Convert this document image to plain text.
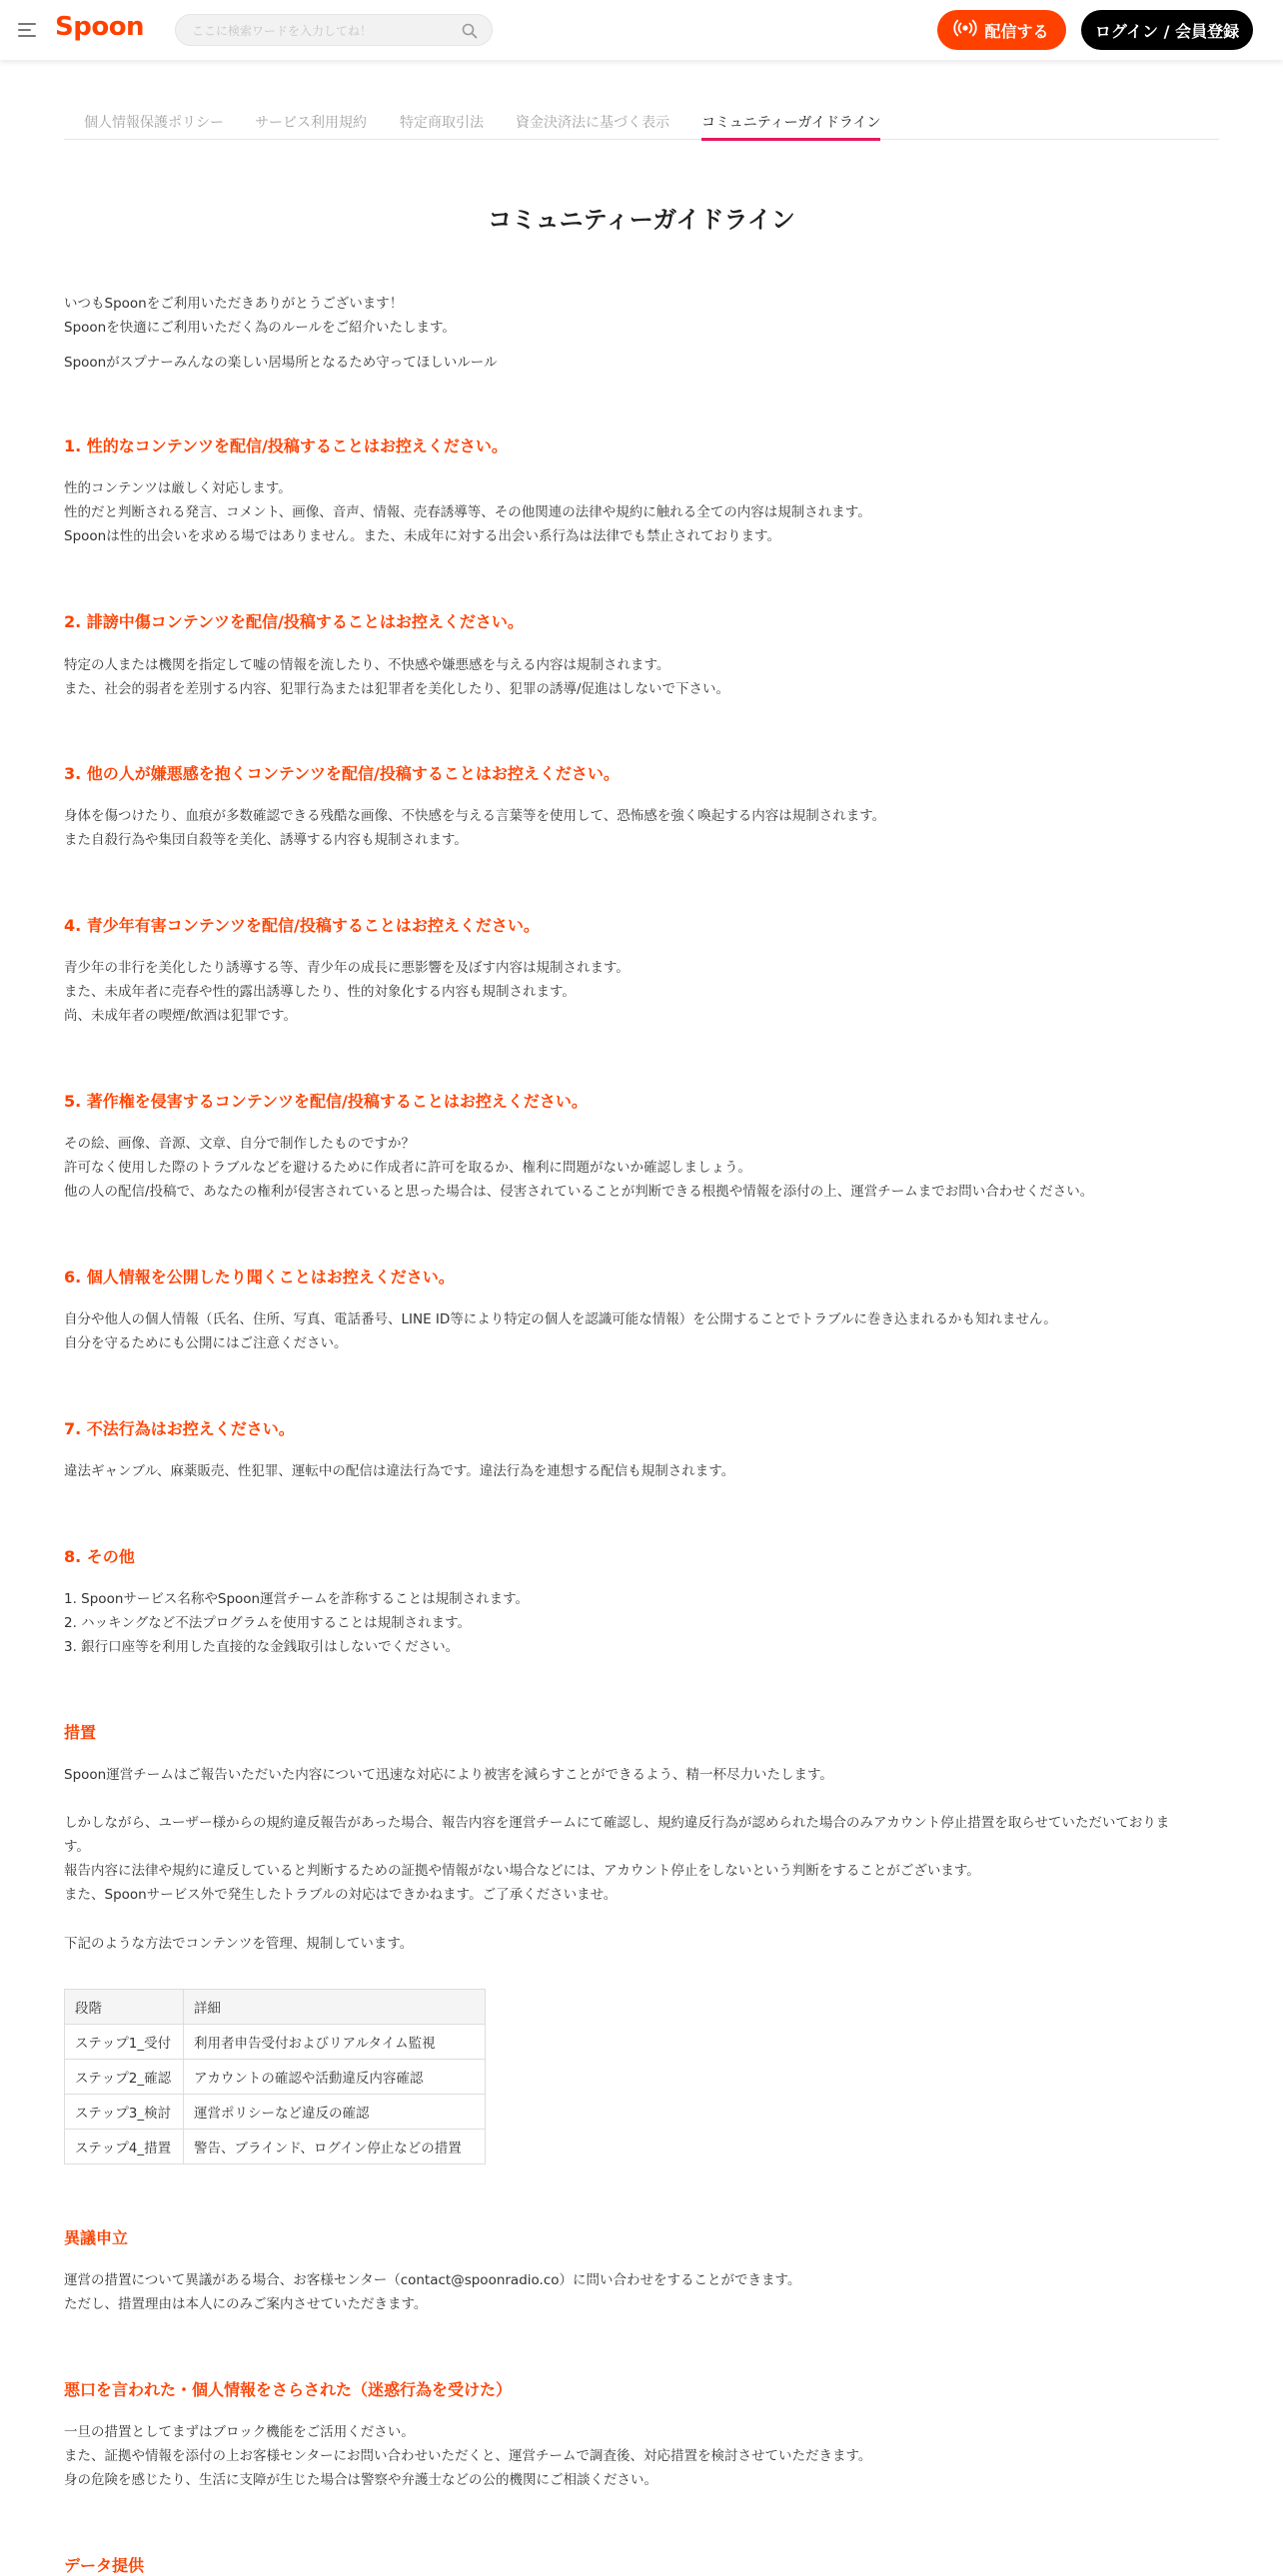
Spoon
ここに検索ワードを入力してね！	配信する	ログイン / 会員登録
個人情報保護ポリシー サービス利用規約 特定商取引法 資金決済法に基づく表示 コミュニティーガイドライン
コミュニティーガイドライン
いつもSpoonをご利用いただきありがとうございます！
Spoonを快適にご利用いただく為のルールをご紹介いたします。
Spoonがスプナーみんなの楽しい居場所となるため守ってほしいルール
1. 性的なコンテンツを配信/投稿することはお控えください。
性的コンテンツは厳しく対応します。
性的だと判断される発言、コメント、画像、音声、情報、売春誘導等、その他関連の法律や規約に触れる全ての内容は規制されます。
Spoonは性的出会いを求める場ではありません。また、未成年に対する出会い系行為は法律でも禁止されております。
2. 誹謗中傷コンテンツを配信/投稿することはお控えください。
特定の人または機関を指定して嘘の情報を流したり、不快感や嫌悪感を与える内容は規制されます。
また、社会的弱者を差別する内容、犯罪行為または犯罪者を美化したり、犯罪の誘導/促進はしないで下さい。
3. 他の人が嫌悪感を抱くコンテンツを配信/投稿することはお控えください。
身体を傷つけたり、血痕が多数確認できる残酷な画像、不快感を与える言葉等を使用して、恐怖感を強く喚起する内容は規制されます。
また自殺行為や集団自殺等を美化、誘導する内容も規制されます。
4. 青少年有害コンテンツを配信/投稿することはお控えください。
青少年の非行を美化したり誘導する等、青少年の成長に悪影響を及ぼす内容は規制されます。
また、未成年者に売春や性的露出誘導したり、性的対象化する内容も規制されます。
尚、未成年者の喫煙/飲酒は犯罪です。
5. 著作権を侵害するコンテンツを配信/投稿することはお控えください。
その絵、画像、音源、文章、自分で制作したものですか？
許可なく使用した際のトラブルなどを避けるために作成者に許可を取るか、権利に問題がないか確認しましょう。
他の人の配信/投稿で、あなたの権利が侵害されていると思った場合は、侵害されていることが判断できる根拠や情報を添付の上、運営チームまでお問い合わせください。
6. 個人情報を公開したり聞くことはお控えください。
自分や他人の個人情報（氏名、住所、写真、電話番号、LINE ID等により特定の個人を認識可能な情報）を公開することでトラブルに巻き込まれるかも知れません。
自分を守るためにも公開にはご注意ください。
7. 不法行為はお控えください。
違法ギャンブル、麻薬販売、性犯罪、運転中の配信は違法行為です。違法行為を連想する配信も規制されます。
8. その他
1. Spoonサービス名称やSpoon運営チームを詐称することは規制されます。
2. ハッキングなど不法プログラムを使用することは規制されます。
3. 銀行口座等を利用した直接的な金銭取引はしないでください。
措置
Spoon運営チームはご報告いただいた内容について迅速な対応により被害を減らすことができるよう、精一杯尽力いたします。
しかしながら、ユーザー様からの規約違反報告があった場合、報告内容を運営チームにて確認し、規約違反行為が認められた場合のみアカウント停止措置を取らせていただいておりま
す。
報告内容に法律や規約に違反していると判断するための証拠や情報がない場合などには、アカウント停止をしないという判断をすることがございます。
また、Spoonサービス外で発生したトラブルの対応はできかねます。ご了承くださいませ。
下記のような方法でコンテンツを管理、規制しています。
段階	詳細
ステップ1_受付	利用者申告受付およびリアルタイム監視
ステップ2_確認	アカウントの確認や活動違反内容確認
ステップ3_検討	運営ポリシーなど違反の確認
ステップ4_措置	警告、ブラインド、ログイン停止などの措置
異議申立
運営の措置について異議がある場合、お客様センター（contact@spoonradio.co）に問い合わせをすることができます。
ただし、措置理由は本人にのみご案内させていただきます。
悪口を言われた・個人情報をさらされた（迷惑行為を受けた）
一旦の措置としてまずはブロック機能をご活用ください。
また、証拠や情報を添付の上お客様センターにお問い合わせいただくと、運営チームで調査後、対応措置を検討させていただきます。
身の危険を感じたり、生活に支障が生じた場合は警察や弁護士などの公的機関にご相談ください。
データ提供
